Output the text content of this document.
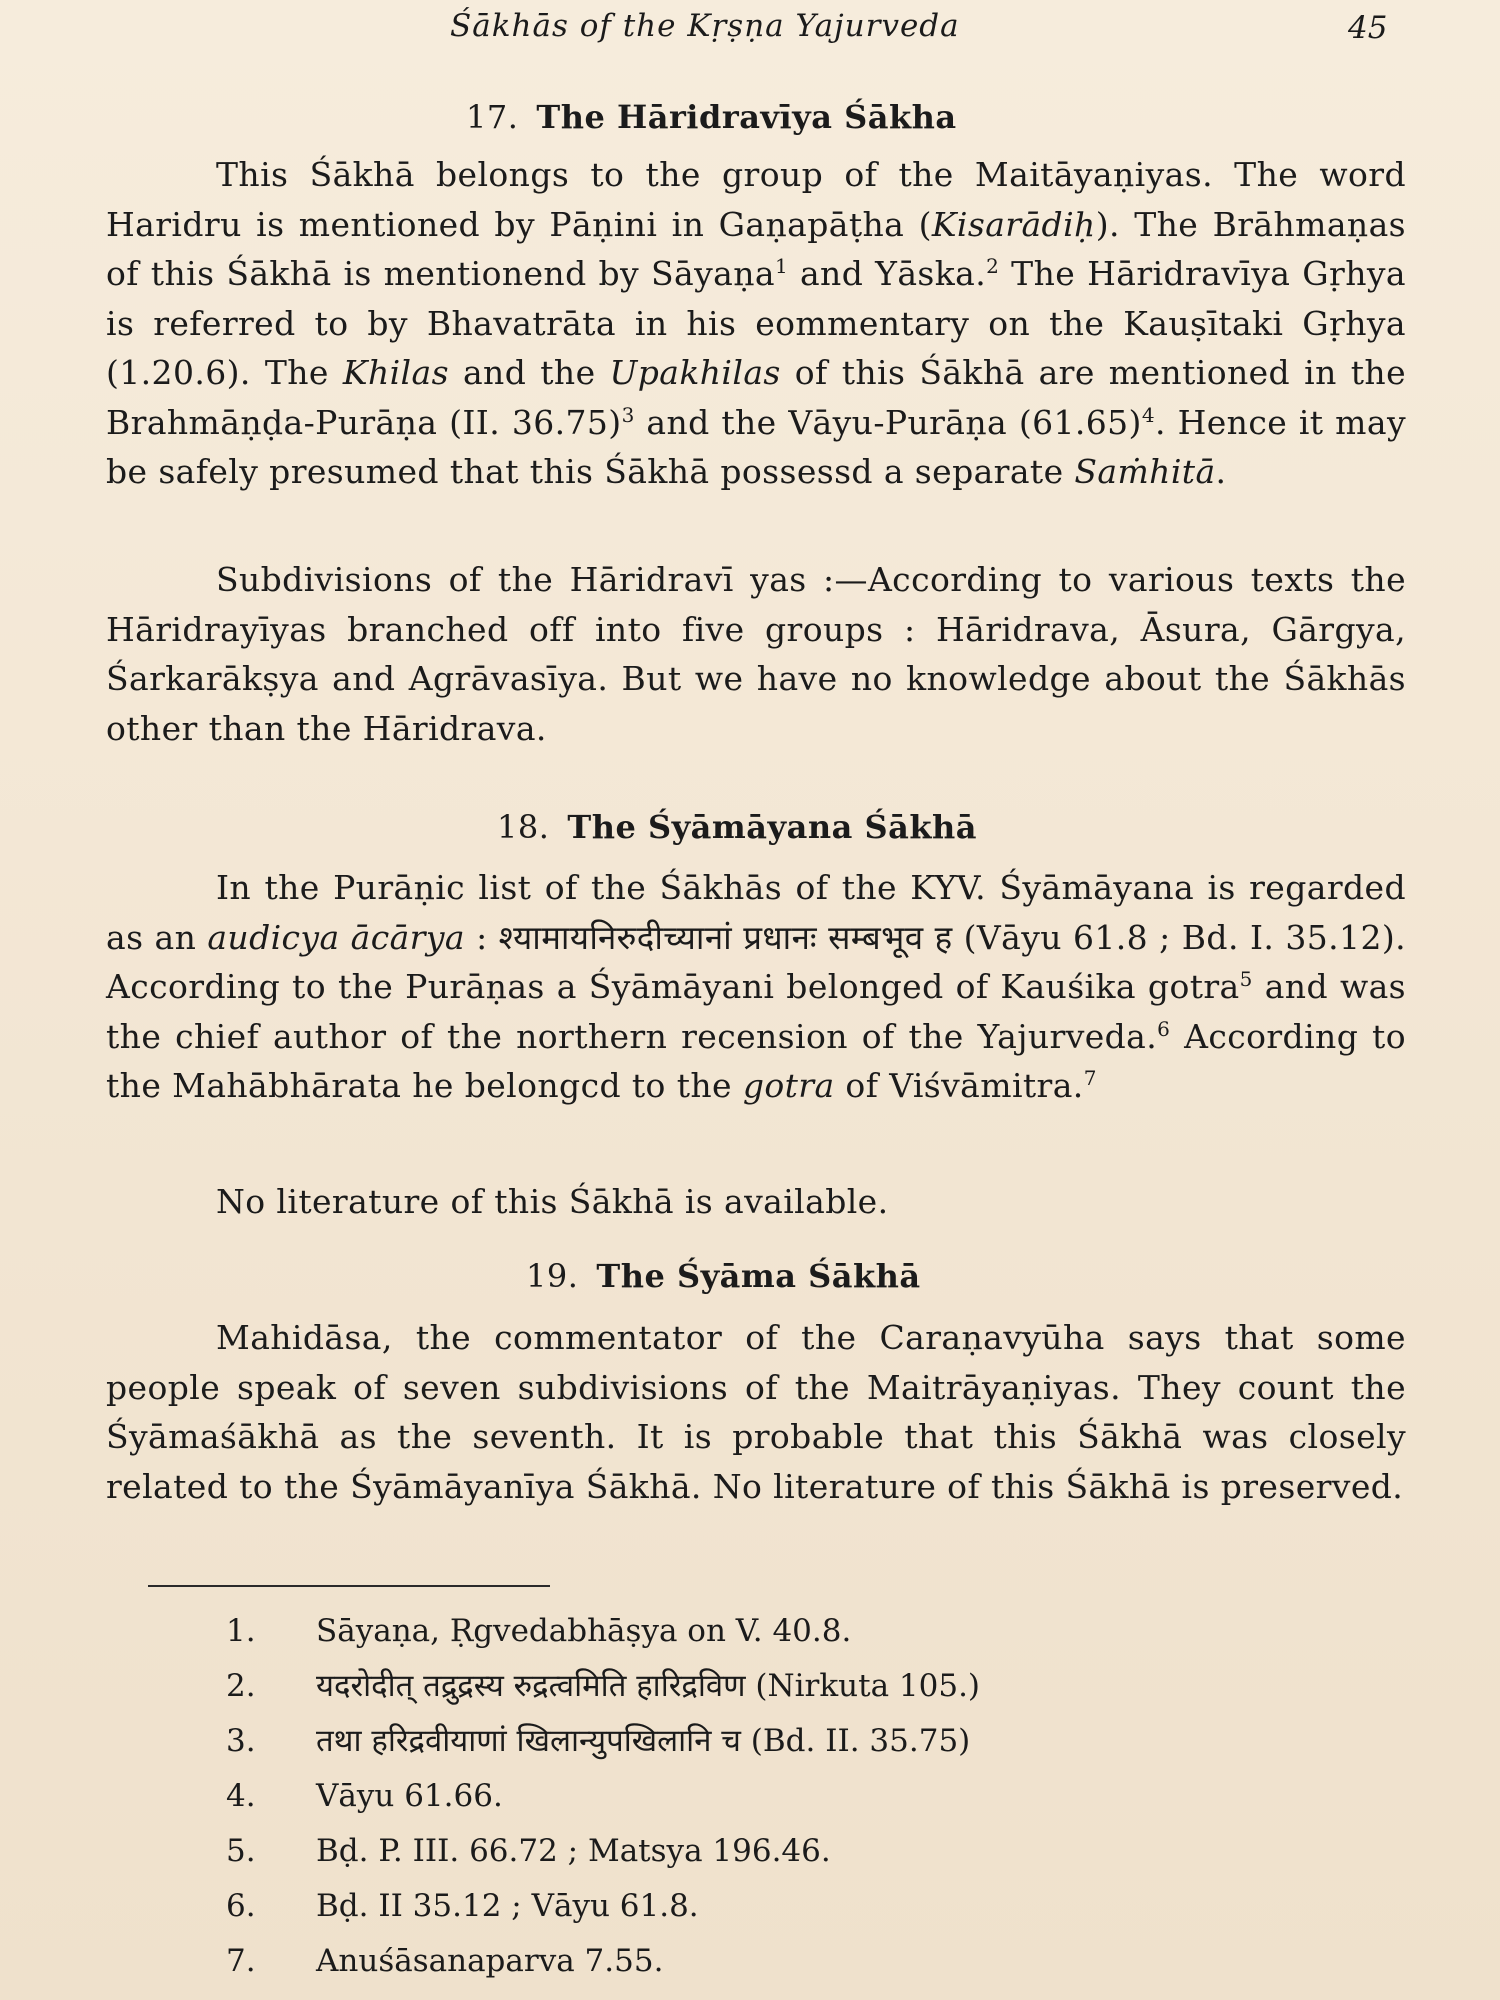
Śākhās of the Kṛṣṇa Yajurveda	45
17. The Hāridravīya Śākha

This Śākhā belongs to the group of the Maitāyaṇiyas. The word Haridru is mentioned by Pāṇini in Gaṇapāṭha (Kisarādiḥ). The Brāhmaṇas of this Śākhā is mentionend by Sāyaṇa$^1$ and Yāska.$^2$ The Hāridravīya Gṛhya is referred to by Bhavatrāta in his eommentary on the Kauṣītaki Gṛhya (1.20.6). The Khilas and the Upakhilas of this Śākhā are mentioned in the Brahmāṇḍa-Purāṇa (II. 36.75)$^3$ and the Vāyu-Purāṇa $(61.65)^4$. Hence it may be safely presumed that this Śākhā possessd a separate Saṁhitā.

Subdivisions of the Hāridravī yas :—According to various texts the Hāridrayīyas branched off into five groups : Hāridrava, Āsura, Gārgya, Śarkarākṣya and Agrāvasīya. But we have no knowledge about the Śākhās other than the Hāridrava.

18. The Śyāmāyana Śākhā

In the Purāṇic list of the Śākhās of the KYV. Śyāmāyana is regarded as an audicya ācārya : श्यामायनिरुदीच्यानां प्रधानः सम्बभूव ह (Vāyu 61.8 ; Bd. I. 35.12). According to the Purāṇas a Śyāmāyani belonged of Kauśika gotra$^5$ and was the chief author of the northern recension of the Yajurveda.$^6$ According to the Mahābhārata he belongcd to the gotra of Viśvāmitra.$^7$

No literature of this Śākhā is available.

19. The Śyāma Śākhā

Mahidāsa, the commentator of the Caraṇavyūha says that some people speak of seven subdivisions of the Maitrāyaṇiyas. They count the Śyāmaśākhā as the seventh. It is probable that this Śākhā was closely related to the Śyāmāyanīya Śākhā. No literature of this Śākhā is preserved.

1. Sāyaṇa, Ṛgvedabhāṣya on V. 40.8.
2. यदरोदीत् तद्रुद्रस्य रुद्रत्वमिति हारिद्रविण (Nirkuta 105.)
3. तथा हरिद्रवीयाणां खिलान्युपखिलानि च (Bd. II. 35.75)
4. Vāyu 61.66.
5. Bḍ. P. III. 66.72 ; Matsya 196.46.
6. Bḍ. II 35.12 ; Vāyu 61.8.
7. Anuśāsanaparva 7.55.
